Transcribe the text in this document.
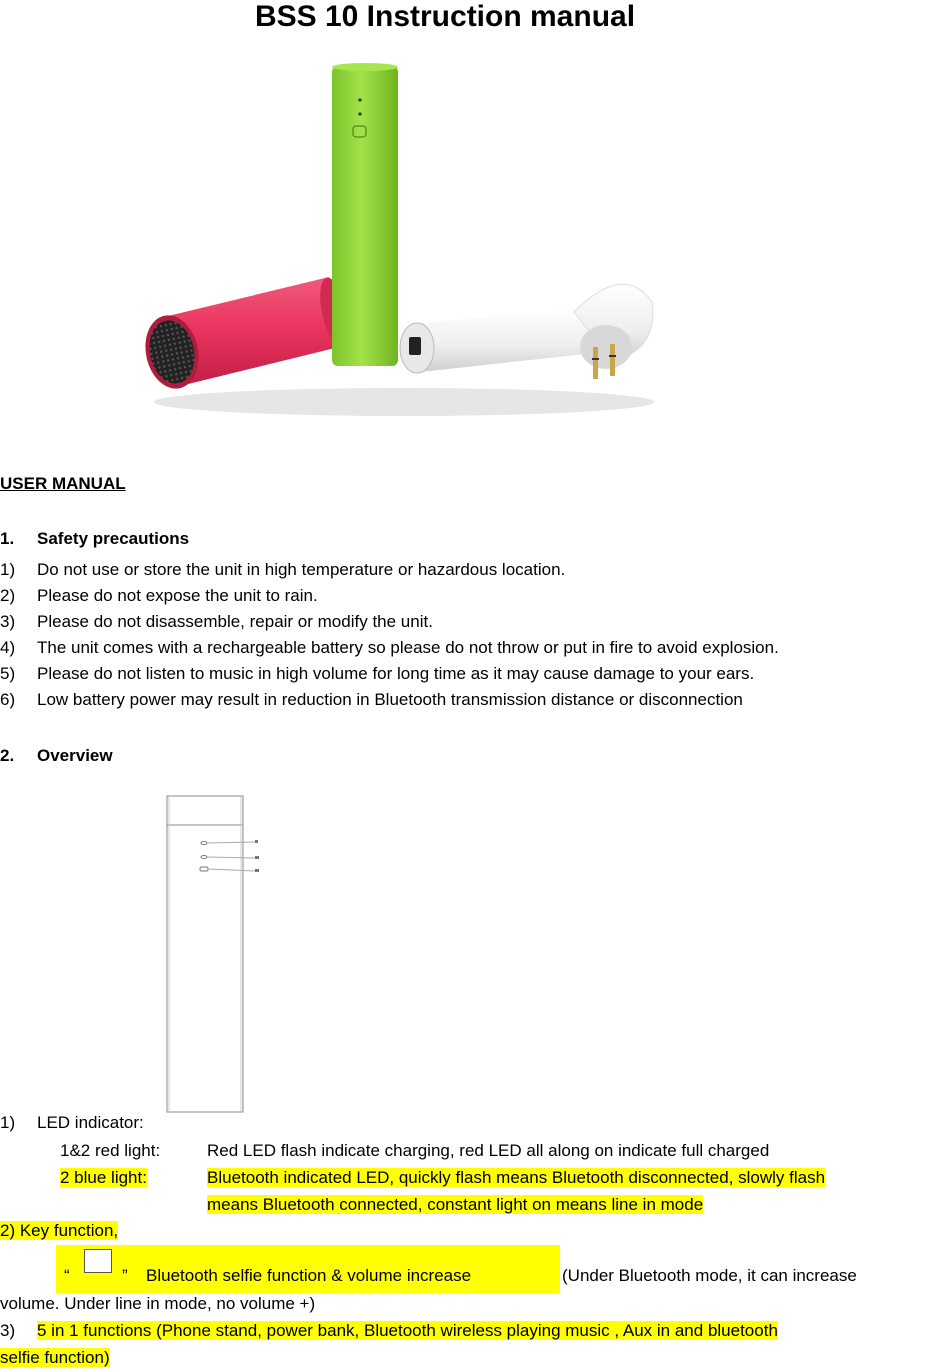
BSS 10 Instruction manual
USER MANUAL
1. Safety precautions
1) Do not use or store the unit in high temperature or hazardous location.
2) Please do not expose the unit to rain.
3) Please do not disassemble, repair or modify the unit.
4) The unit comes with a rechargeable battery so please do not throw or put in fire to avoid explosion.
5) Please do not listen to music in high volume for long time as it may cause damage to your ears.
6) Low battery power may result in reduction in Bluetooth transmission distance or disconnection
2. Overview
1) LED indicator:
1&2 red light:	Red LED flash indicate charging, red LED all along on indicate full charged
2 blue light:	Bluetooth indicated LED, quickly flash means Bluetooth disconnected, slowly flash
means Bluetooth connected, constant light on means line in mode
2) Key function,
“	” Bluetooth selfie function & volume increase	(Under Bluetooth mode, it can increase
volume. Under line in mode, no volume +)
3) 5 in 1 functions (Phone stand, power bank, Bluetooth wireless playing music , Aux in and bluetooth
selfie function)
